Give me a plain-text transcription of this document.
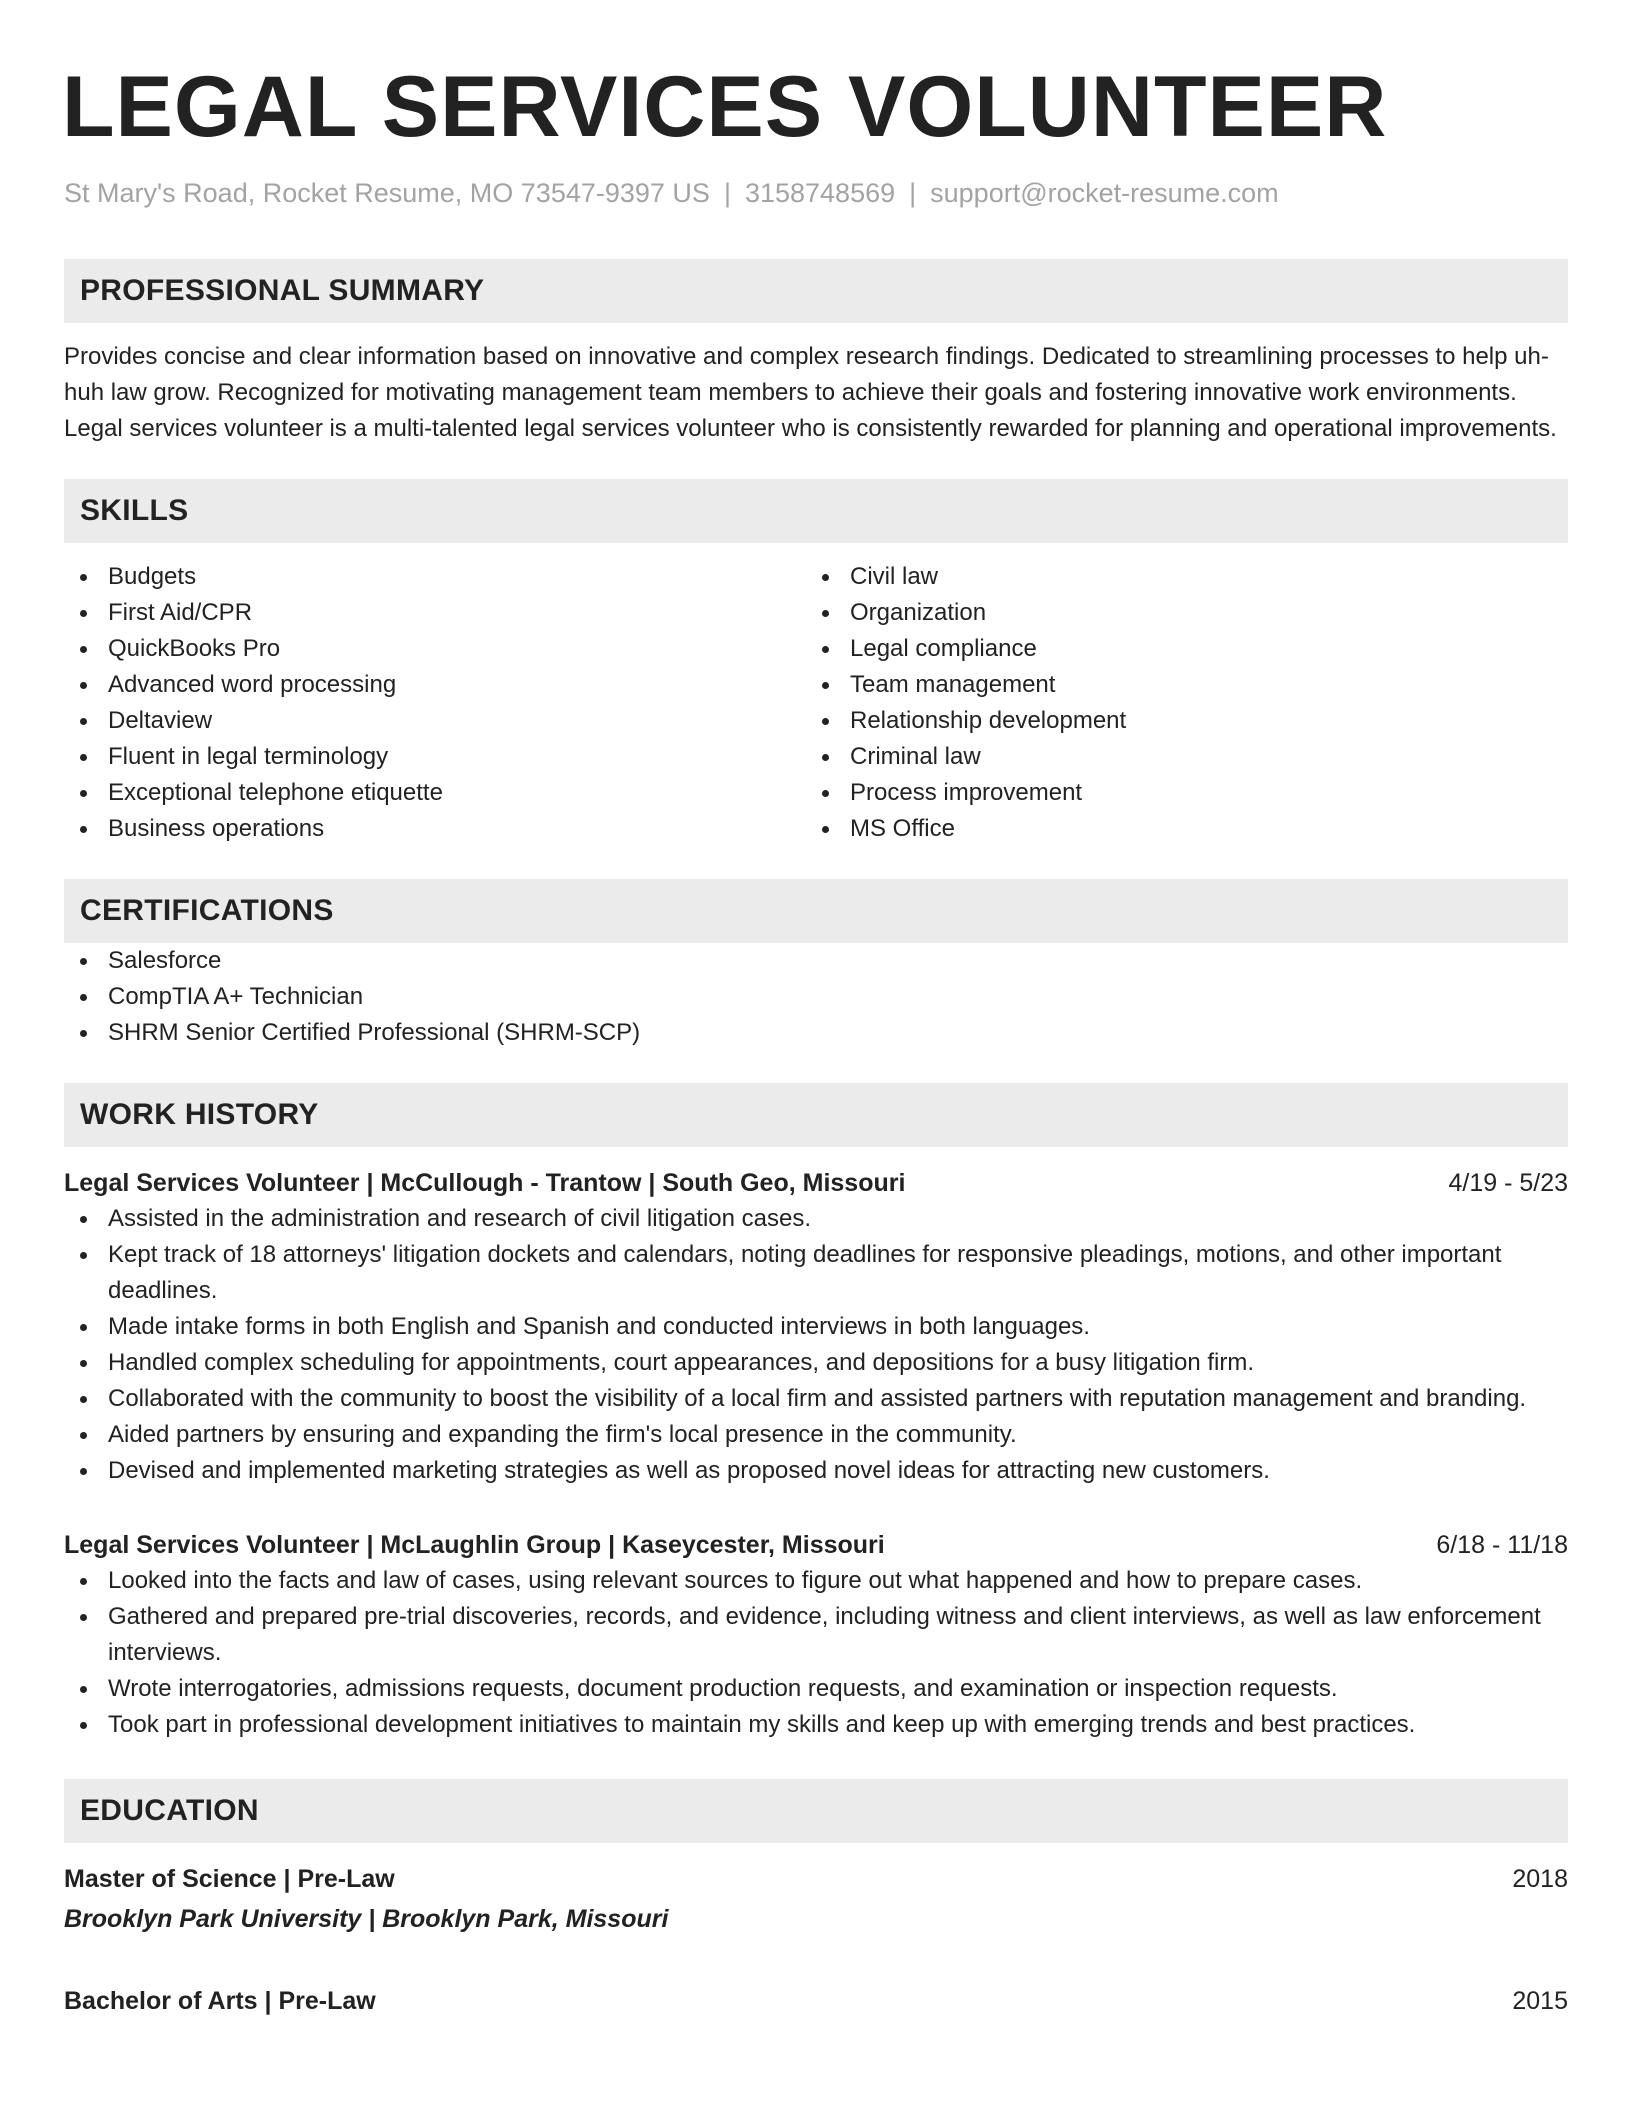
LEGAL SERVICES VOLUNTEER
St Mary's Road, Rocket Resume, MO 73547-9397 US | 3158748569 | support@rocket-resume.com
PROFESSIONAL SUMMARY

Provides concise and clear information based on innovative and complex research findings. Dedicated to streamlining processes to help uh-huh law grow. Recognized for motivating management team members to achieve their goals and fostering innovative work environments. Legal services volunteer is a multi-talented legal services volunteer who is consistently rewarded for planning and operational improvements.

SKILLS
Budgets
First Aid/CPR
QuickBooks Pro
Advanced word processing
Deltaview
Fluent in legal terminology
Exceptional telephone etiquette
Business operations
Civil law
Organization
Legal compliance
Team management
Relationship development
Criminal law
Process improvement
MS Office
CERTIFICATIONS
Salesforce
CompTIA A+ Technician
SHRM Senior Certified Professional (SHRM-SCP)
WORK HISTORY
Legal Services Volunteer | McCullough - Trantow | South Geo, Missouri	4/19 - 5/23
Assisted in the administration and research of civil litigation cases.
Kept track of 18 attorneys' litigation dockets and calendars, noting deadlines for responsive pleadings, motions, and other important deadlines.
Made intake forms in both English and Spanish and conducted interviews in both languages.
Handled complex scheduling for appointments, court appearances, and depositions for a busy litigation firm.
Collaborated with the community to boost the visibility of a local firm and assisted partners with reputation management and branding.
Aided partners by ensuring and expanding the firm's local presence in the community.
Devised and implemented marketing strategies as well as proposed novel ideas for attracting new customers.
Legal Services Volunteer | McLaughlin Group | Kaseycester, Missouri	6/18 - 11/18
Looked into the facts and law of cases, using relevant sources to figure out what happened and how to prepare cases.
Gathered and prepared pre-trial discoveries, records, and evidence, including witness and client interviews, as well as law enforcement interviews.
Wrote interrogatories, admissions requests, document production requests, and examination or inspection requests.
Took part in professional development initiatives to maintain my skills and keep up with emerging trends and best practices.
EDUCATION
Master of Science | Pre-Law	2018
Brooklyn Park University | Brooklyn Park, Missouri
Bachelor of Arts | Pre-Law	2015
